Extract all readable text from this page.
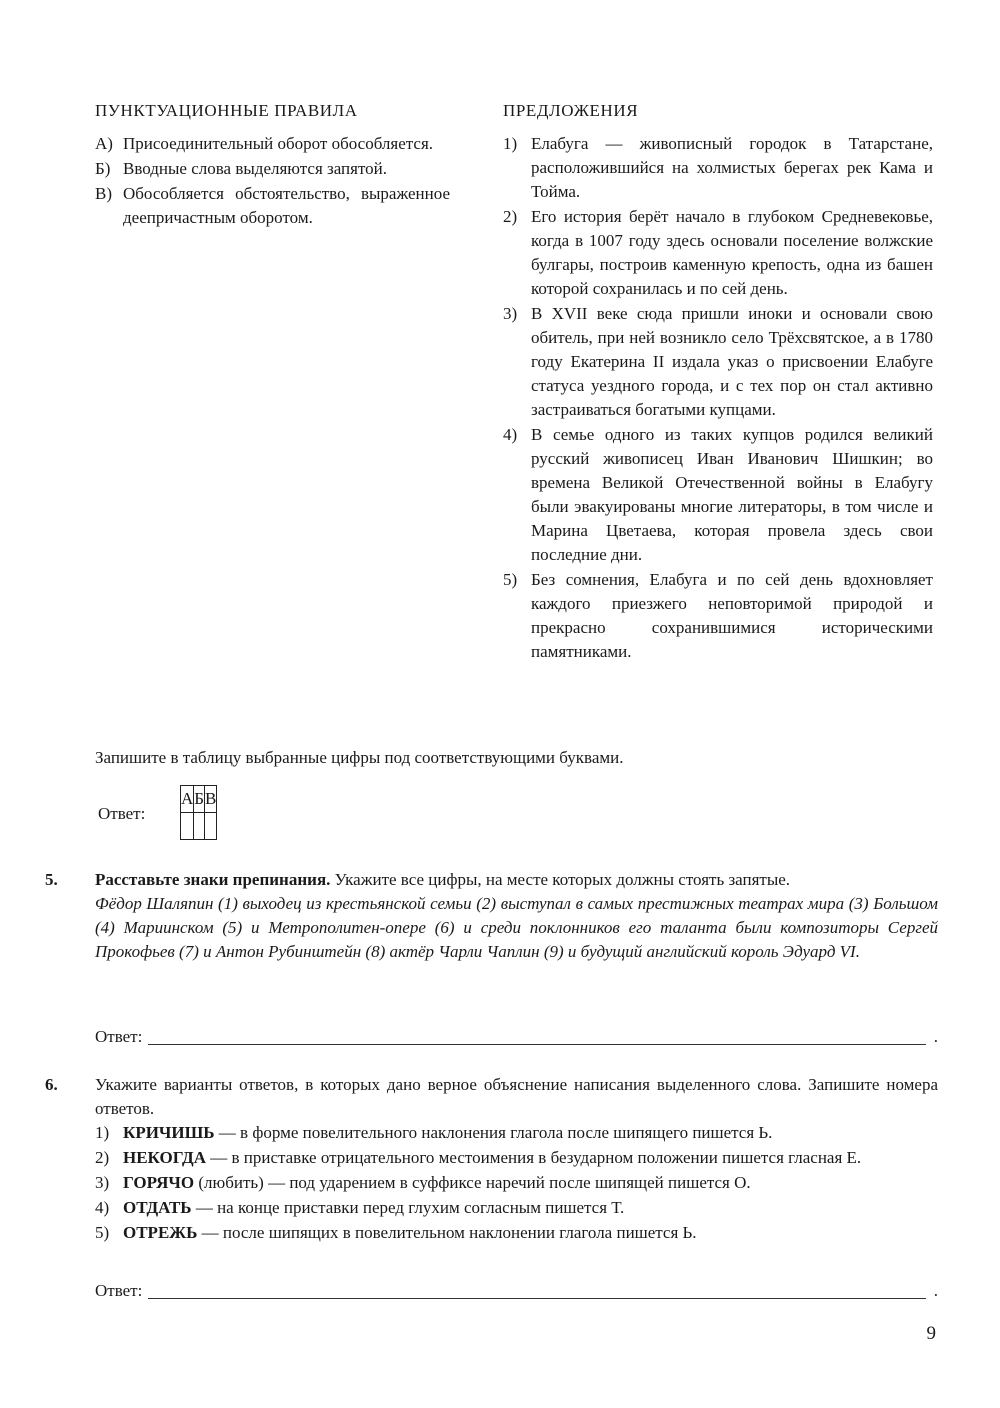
ПУНКТУАЦИОННЫЕ ПРАВИЛА
А) Присоединительный оборот обособляется.
Б) Вводные слова выделяются запятой.
В) Обособляется обстоятельство, выраженное деепричастным оборотом.
ПРЕДЛОЖЕНИЯ
1) Елабуга — живописный городок в Татарстане, расположившийся на холмистых берегах рек Кама и Тойма.
2) Его история берёт начало в глубоком Средневековье, когда в 1007 году здесь основали поселение волжские булгары, построив каменную крепость, одна из башен которой сохранилась и по сей день.
3) В XVII веке сюда пришли иноки и основали свою обитель, при ней возникло село Трёхсвятское, а в 1780 году Екатерина II издала указ о присвоении Елабуге статуса уездного города, и с тех пор он стал активно застраиваться богатыми купцами.
4) В семье одного из таких купцов родился великий русский живописец Иван Иванович Шишкин; во времена Великой Отечественной войны в Елабугу были эвакуированы многие литераторы, в том числе и Марина Цветаева, которая провела здесь свои последние дни.
5) Без сомнения, Елабуга и по сей день вдохновляет каждого приезжего неповторимой природой и прекрасно сохранившимися историческими памятниками.
Запишите в таблицу выбранные цифры под соответствующими буквами.
Ответ:
А	Б	В

5. Расставьте знаки препинания. Укажите все цифры, на месте которых должны стоять запятые.
Фёдор Шаляпин (1) выходец из крестьянской семьи (2) выступал в самых престижных театрах мира (3) Большом (4) Мариинском (5) и Метрополитен-опере (6) и среди поклонников его таланта были композиторы Сергей Прокофьев (7) и Антон Рубинштейн (8) актёр Чарли Чаплин (9) и будущий английский король Эдуард VI.
Ответ:	.
6. Укажите варианты ответов, в которых дано верное объяснение написания выделенного слова. Запишите номера ответов.
1) КРИЧИШЬ — в форме повелительного наклонения глагола после шипящего пишется Ь.
2) НЕКОГДА — в приставке отрицательного местоимения в безударном положении пишется гласная Е.
3) ГОРЯЧО (любить) — под ударением в суффиксе наречий после шипящей пишется О.
4) ОТДАТЬ — на конце приставки перед глухим согласным пишется Т.
5) ОТРЕЖЬ — после шипящих в повелительном наклонении глагола пишется Ь.
Ответ:	.
9
